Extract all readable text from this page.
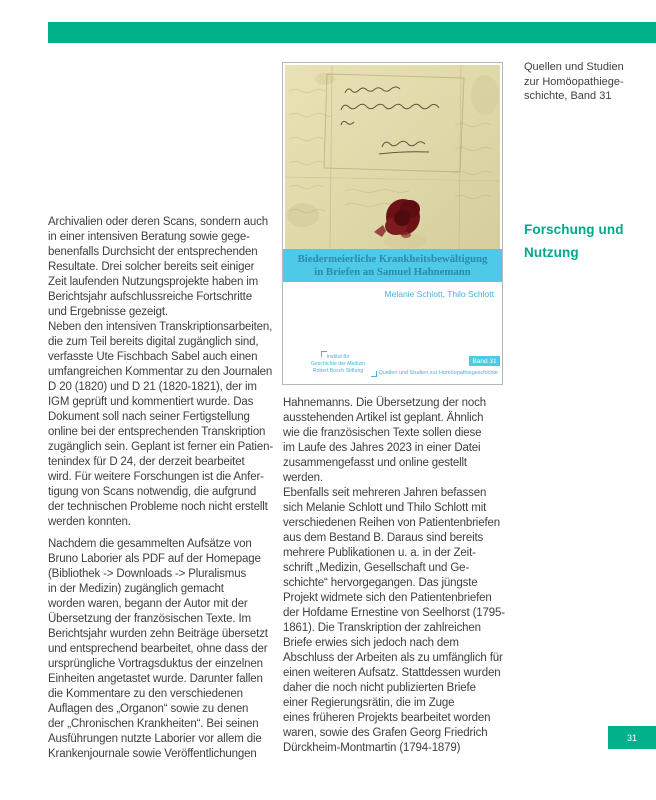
Quellen und Studien
zur Homöopathiege-
schichte, Band 31
Forschung und
Nutzung
Biedermeierliche Krankheitsbewältigung
in Briefen an Samuel Hahnemann
Melanie Schlott, Thilo Schlott
Institut für
Geschichte der Medizin
Robert Bosch Stiftung
Band 31
Quellen und Studien zur Homöopathiegeschichte
Archivalien oder deren Scans, sondern auch
in einer intensiven Beratung sowie gege-
benenfalls Durchsicht der entsprechenden
Resultate. Drei solcher bereits seit einiger
Zeit laufenden Nutzungsprojekte haben im
Berichtsjahr aufschlussreiche Fortschritte
und Ergebnisse gezeigt.
Neben den intensiven Transkriptionsarbeiten,
die zum Teil bereits digital zugänglich sind,
verfasste Ute Fischbach Sabel auch einen
umfangreichen Kommentar zu den Journalen
D 20 (1820) und D 21 (1820-1821), der im
IGM geprüft und kommentiert wurde. Das
Dokument soll nach seiner Fertigstellung
online bei der entsprechenden Transkription
zugänglich sein. Geplant ist ferner ein Patien-
tenindex für D 24, der derzeit bearbeitet
wird. Für weitere Forschungen ist die Anfer-
tigung von Scans notwendig, die aufgrund
der technischen Probleme noch nicht erstellt
werden konnten.
Nachdem die gesammelten Aufsätze von
Bruno Laborier als PDF auf der Homepage
(Bibliothek -> Downloads -> Pluralismus
in der Medizin) zugänglich gemacht
worden waren, begann der Autor mit der
Übersetzung der französischen Texte. Im
Berichtsjahr wurden zehn Beiträge übersetzt
und entsprechend bearbeitet, ohne dass der
ursprüngliche Vortragsduktus der einzelnen
Einheiten angetastet wurde. Darunter fallen
die Kommentare zu den verschiedenen
Auflagen des „Organon“ sowie zu denen
der „Chronischen Krankheiten“. Bei seinen
Ausführungen nutzte Laborier vor allem die
Krankenjournale sowie Veröffentlichungen
Hahnemanns. Die Übersetzung der noch
ausstehenden Artikel ist geplant. Ähnlich
wie die französischen Texte sollen diese
im Laufe des Jahres 2023 in einer Datei
zusammengefasst und online gestellt
werden.
Ebenfalls seit mehreren Jahren befassen
sich Melanie Schlott und Thilo Schlott mit
verschiedenen Reihen von Patientenbriefen
aus dem Bestand B. Daraus sind bereits
mehrere Publikationen u. a. in der Zeit-
schrift „Medizin, Gesellschaft und Ge-
schichte“ hervorgegangen. Das jüngste
Projekt widmete sich den Patientenbriefen
der Hofdame Ernestine von Seelhorst (1795-
1861). Die Transkription der zahlreichen
Briefe erwies sich jedoch nach dem
Abschluss der Arbeiten als zu umfänglich für
einen weiteren Aufsatz. Stattdessen wurden
daher die noch nicht publizierten Briefe
einer Regierungsrätin, die im Zuge
eines früheren Projekts bearbeitet worden
waren, sowie des Grafen Georg Friedrich
Dürckheim-Montmartin (1794-1879)
31
